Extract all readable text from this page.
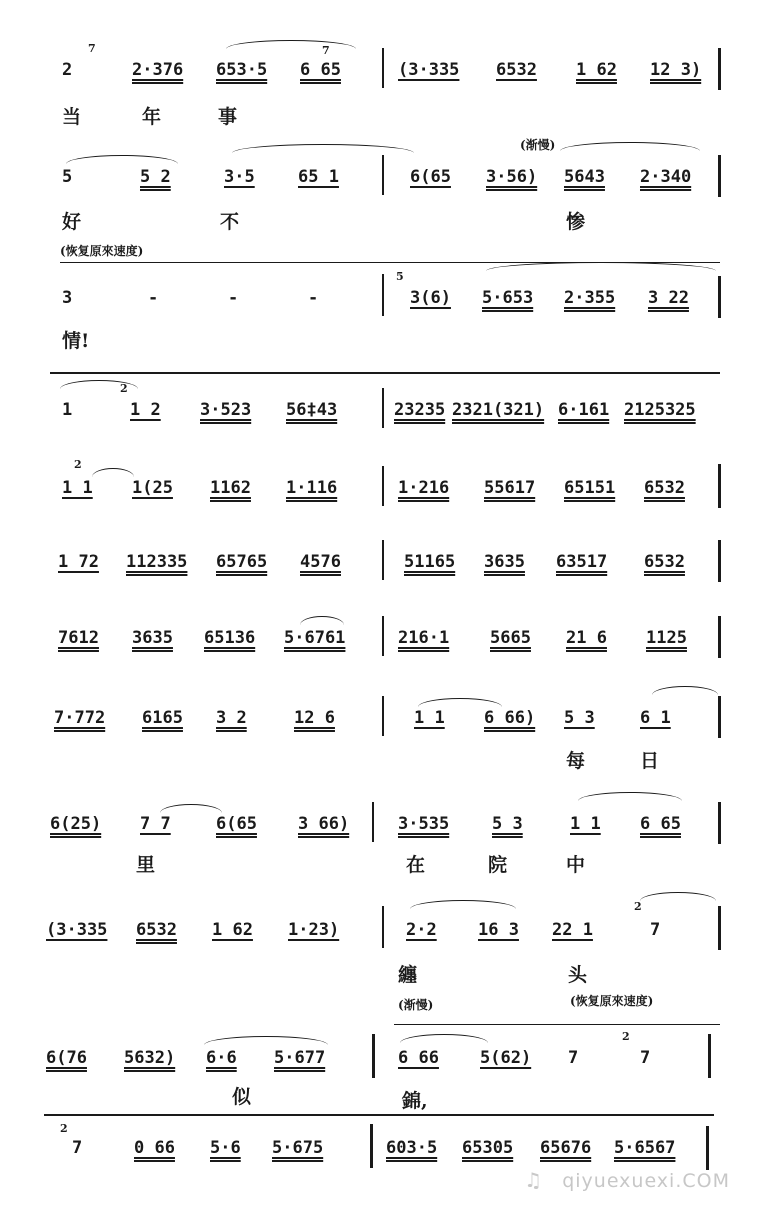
7
2	2·376 653·5
7
6 65	(3·335 6532 1 62 12 3)
当	年	事
(渐慢)
5	5 2	3·5	65 1	6(65 3·56) 5643 2·340
好	不	惨
(恢复原來速度)
3	-	-	-
5
3(6) 5·653 2·355 3 22
情!
2
1	1 2 3·523 56‡43	23235 2321(321) 6·161 2125325
2
1 1 1(25 1162 1·116	1·216 55617 65151 6532
1 72 112335 65765 4576	51165 3635 63517 6532
7612 3635 65136 5·6761	216·1 5665 21 6 1125
7·772 6165 3 2	12 6	1 1 6 66) 5 3	6 1
每	日
6(25) 7 7	6(65 3 66)	3·535	5 3	1 1 6 65
里	在	院	中
(3·335 6532 1 62 1·23)	2·2 16 3 22 1
2
7
纏	头
(渐慢)	(恢复原來速度)
6(76 5632) 6·6 5·677	6 66 5(62) 7
2
7
似	錦,
2
7	0 66 5·6 5·675	603·5 65305 65676 5·6567
♫ qiyuexuexi.COM
